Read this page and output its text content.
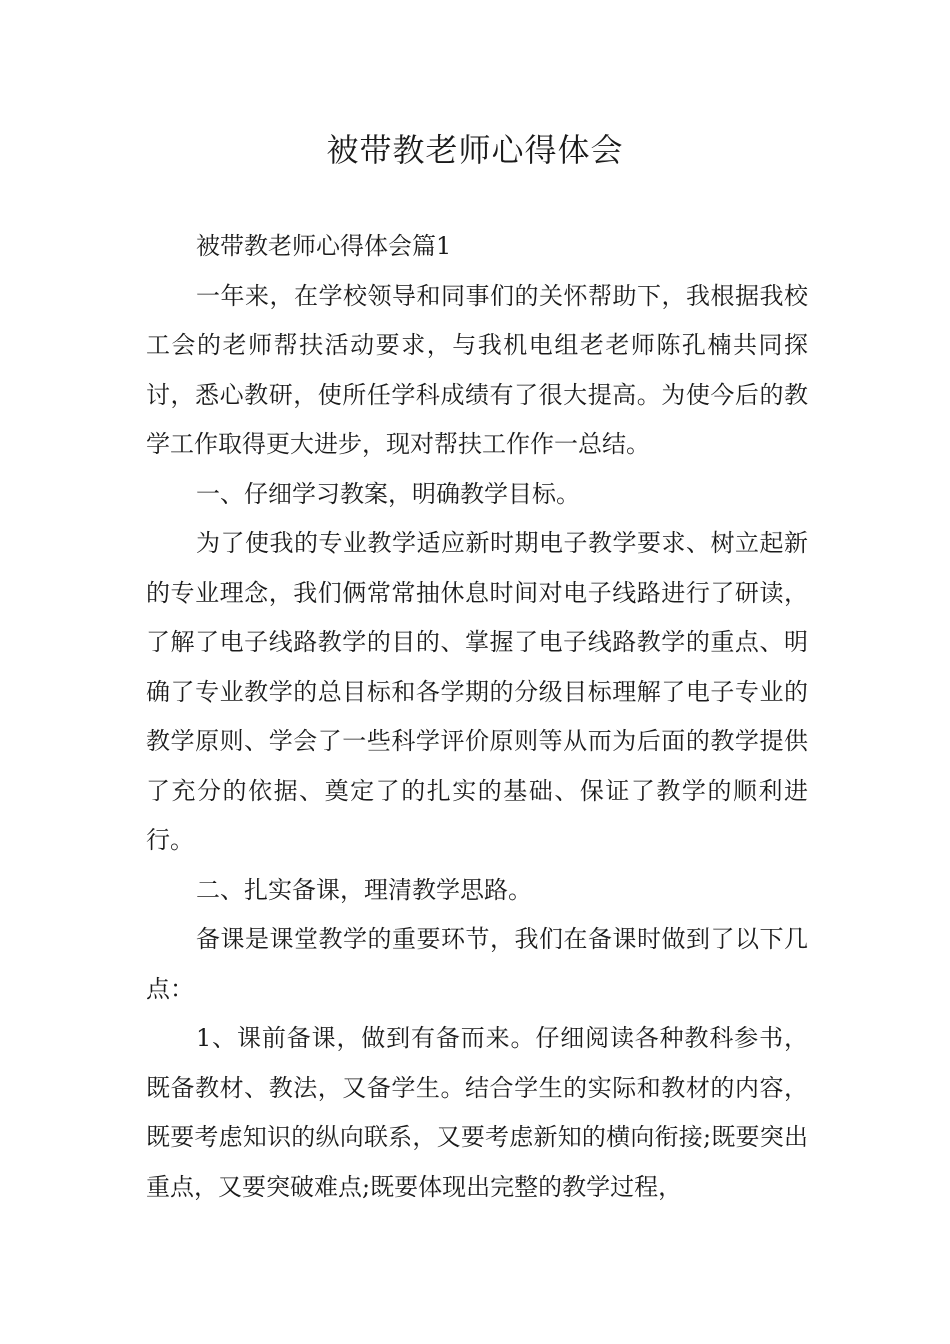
被带教老师心得体会

被带教老师心得体会篇1

一年来，在学校领导和同事们的关怀帮助下，我根据我校工会的老师帮扶活动要求，与我机电组老老师陈孔楠共同探讨，悉心教研，使所任学科成绩有了很大提高。为使今后的教学工作取得更大进步，现对帮扶工作作一总结。

一、仔细学习教案，明确教学目标。

为了使我的专业教学适应新时期电子教学要求、树立起新的专业理念，我们俩常常抽休息时间对电子线路进行了研读，了解了电子线路教学的目的、掌握了电子线路教学的重点、明确了专业教学的总目标和各学期的分级目标理解了电子专业的教学原则、学会了一些科学评价原则等从而为后面的教学提供了充分的依据、奠定了的扎实的基础、保证了教学的顺利进行。

二、扎实备课，理清教学思路。

备课是课堂教学的重要环节，我们在备课时做到了以下几点：

1、课前备课，做到有备而来。仔细阅读各种教科参书，既备教材、教法，又备学生。结合学生的实际和教材的内容，既要考虑知识的纵向联系，又要考虑新知的横向衔接;既要突出重点，又要突破难点;既要体现出完整的教学过程，
